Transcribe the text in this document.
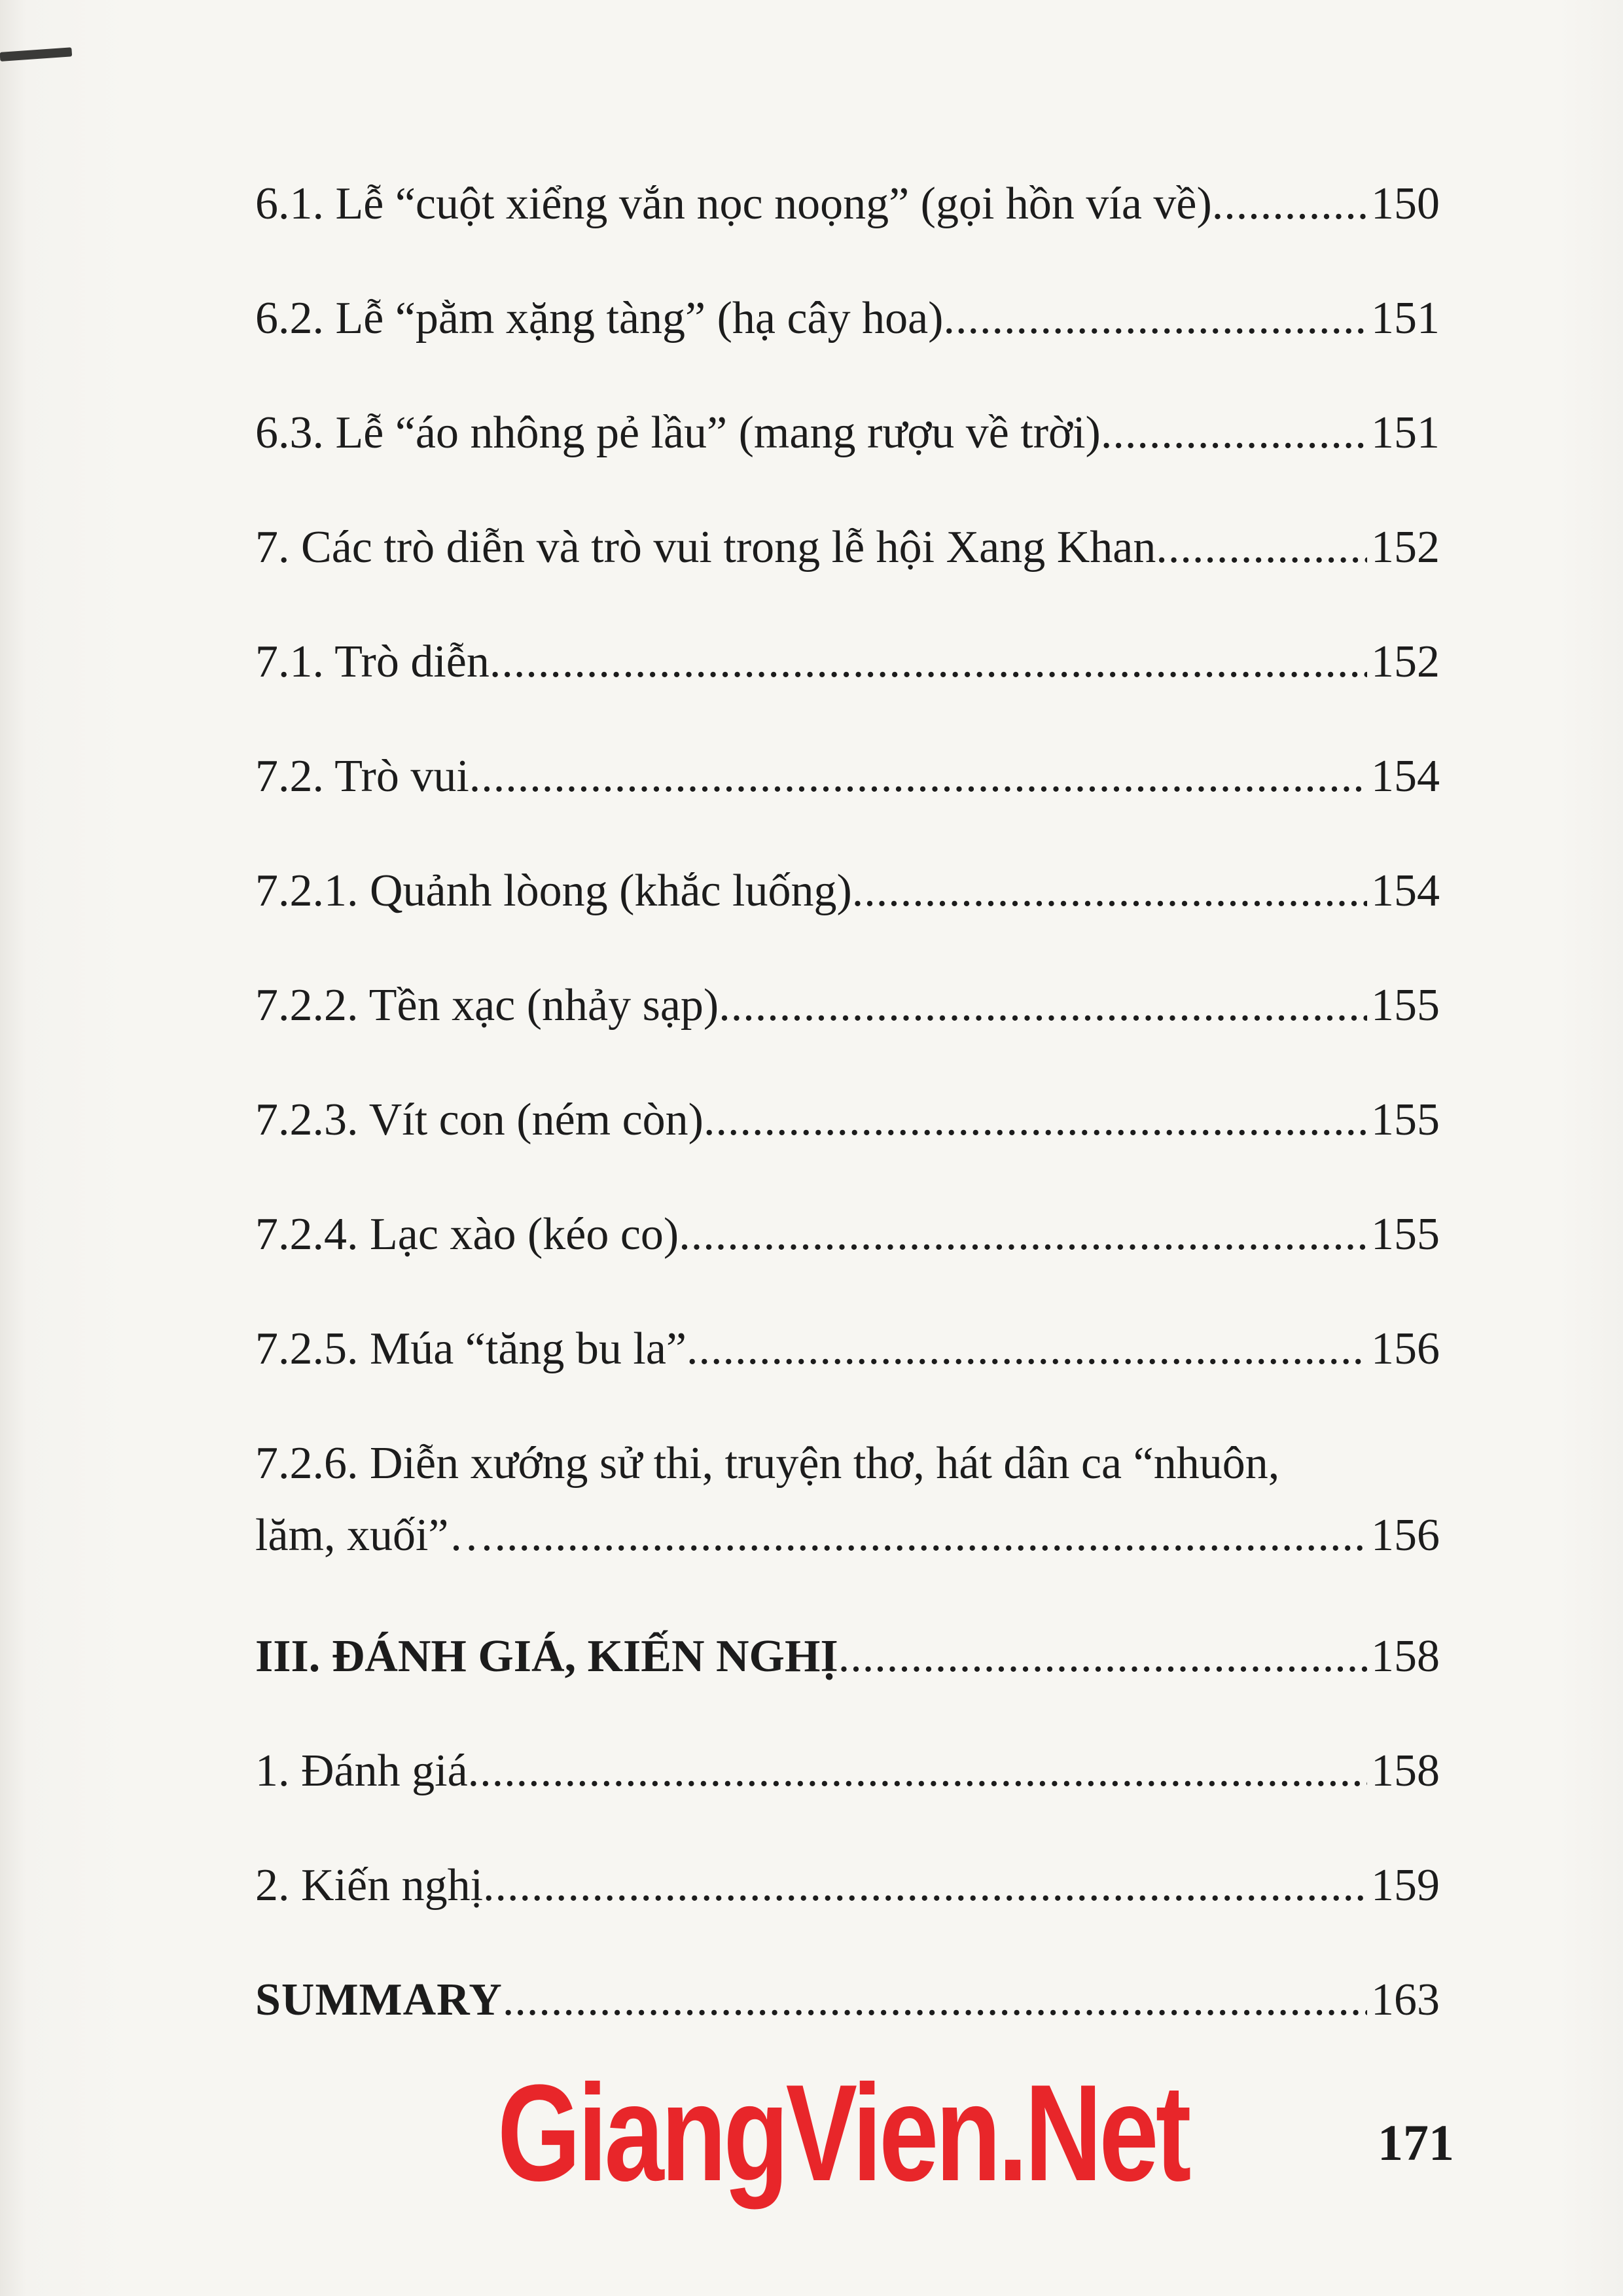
6.1. Lễ “cuột xiểng vắn nọc noọng” (gọi hồn vía về) .....	150
6.2. Lễ “pằm xặng tàng” (hạ cây hoa) .....	151
6.3. Lễ “áo nhông pẻ lầu” (mang rượu về trời) .....	151
7. Các trò diễn và trò vui trong lễ hội Xang Khan .....	152
7.1. Trò diễn .....	152
7.2. Trò vui .....	154
7.2.1. Quảnh lòong (khắc luống) .....	154
7.2.2. Tền xạc (nhảy sạp) .....	155
7.2.3. Vít con (ném còn) .....	155
7.2.4. Lạc xào (kéo co) .....	155
7.2.5. Múa “tăng bu la” .....	156
7.2.6. Diễn xướng sử thi, truyện thơ, hát dân ca “nhuôn,
lăm, xuối”… .....	156
III. ĐÁNH GIÁ, KIẾN NGHỊ .....	158
1. Đánh giá .....	158
2. Kiến nghị .....	159
SUMMARY .....	163
GiangVien.Net	171
